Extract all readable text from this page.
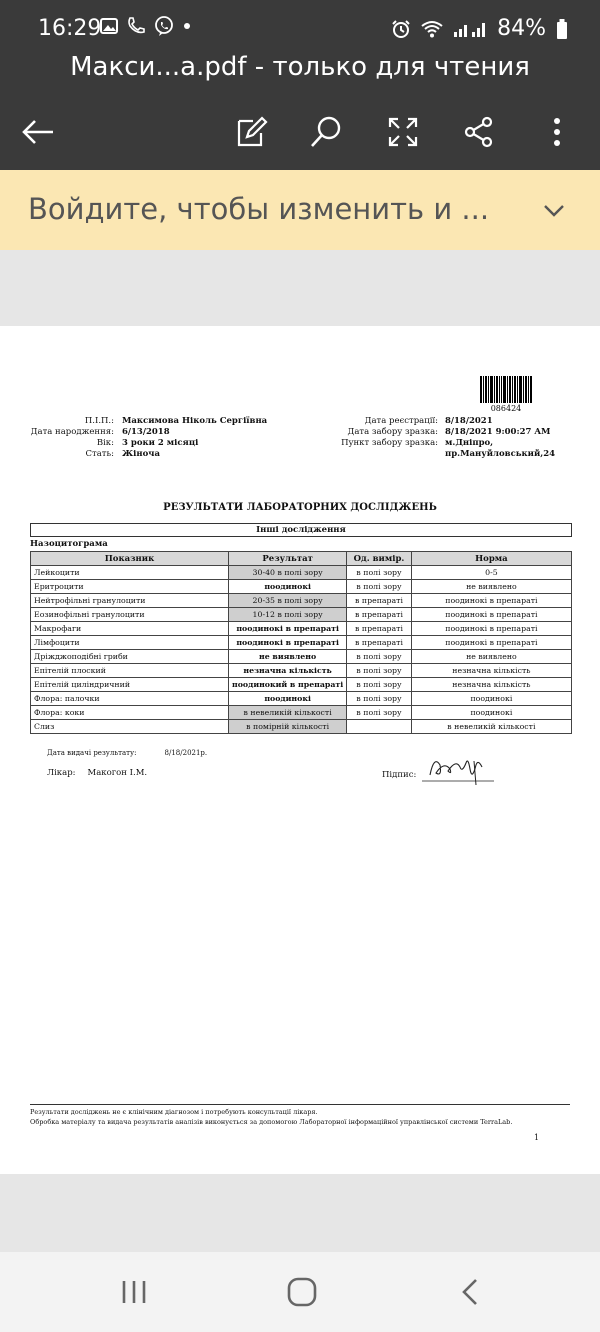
16:29	84%
Макси...а.pdf - только для чтения
Войдите, чтобы изменить и ...
086424
П.І.П.: Максимова Ніколь Сергіївна
Дата народження: 6/13/2018
Вік: 3 роки 2 місяці
Стать: Жіноча
Дата реєстрації: 8/18/2021
Дата забору зразка: 8/18/2021 9:00:27 AM
Пункт забору зразка: м.Дніпро,
пр.Мануйловський,24
РЕЗУЛЬТАТИ ЛАБОРАТОРНИХ ДОСЛІДЖЕНЬ
Інші дослідження
Назоцитограма
Показник	Результат	Од. вимір.	Норма
Лейкоцити	30-40 в полі зору	в полі зору	0-5
Еритроцити	поодинокі	в полі зору	не виявлено
Нейтрофільні гранулоцити	20-35 в полі зору	в препараті	поодинокі в препараті
Еозинофільні гранулоцити	10-12 в полі зору	в препараті	поодинокі в препараті
Макрофаги	поодинокі в препараті	в препараті	поодинокі в препараті
Лімфоцити	поодинокі в препараті	в препараті	поодинокі в препараті
Дріжджоподібні гриби	не виявлено	в полі зору	не виявлено
Епітелій плоский	незначна кількість	в полі зору	незначна кількість
Епітелій циліндричний	поодинокий в препараті	в полі зору	незначна кількість
Флора: палочки	поодинокі	в полі зору	поодинокі
Флора: коки	в невеликій кількості	в полі зору	поодинокі
Слиз	в помірній кількості		в невеликій кількості
Дата видачі результату:	8/18/2021р.
Лікар: Макогон І.М.	Підпис:
Результати досліджень не є клінічним діагнозом і потребують консультації лікаря.
Обробка матеріалу та видача результатів аналізів виконується за допомогою Лабораторної інформаційної управлінської системи TerraLab.
1
